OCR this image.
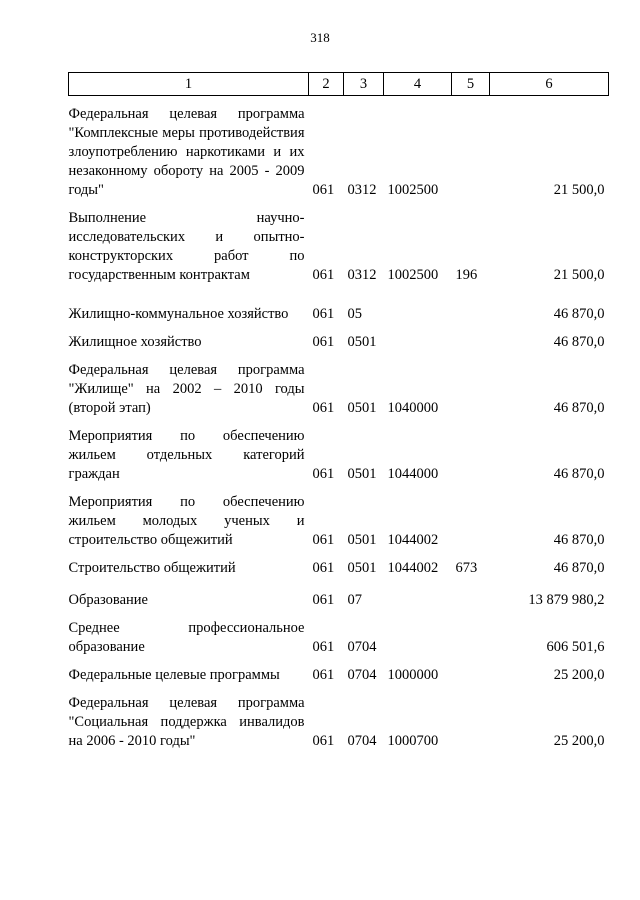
318
1	2	3	4	5	6
Федеральная целевая программа "Комплексные меры противодействия злоупотреблению наркотиками и их незаконному обороту на 2005 - 2009 годы"	061	0312	1002500		21 500,0
Выполнение научно-исследовательских и опытно-конструкторских работ по государственным контрактам	061	0312	1002500	196	21 500,0
Жилищно-коммунальное хозяйство	061	05			46 870,0
Жилищное хозяйство	061	0501			46 870,0
Федеральная целевая программа "Жилище" на 2002 – 2010 годы (второй этап)	061	0501	1040000		46 870,0
Мероприятия по обеспечению жильем отдельных категорий граждан	061	0501	1044000		46 870,0
Мероприятия по обеспечению жильем молодых ученых и строительство общежитий	061	0501	1044002		46 870,0
Строительство общежитий	061	0501	1044002	673	46 870,0
Образование	061	07			13 879 980,2
Среднее профессиональное образование	061	0704			606 501,6
Федеральные целевые программы	061	0704	1000000		25 200,0
Федеральная целевая программа "Социальная поддержка инвалидов на 2006 - 2010 годы"	061	0704	1000700		25 200,0
